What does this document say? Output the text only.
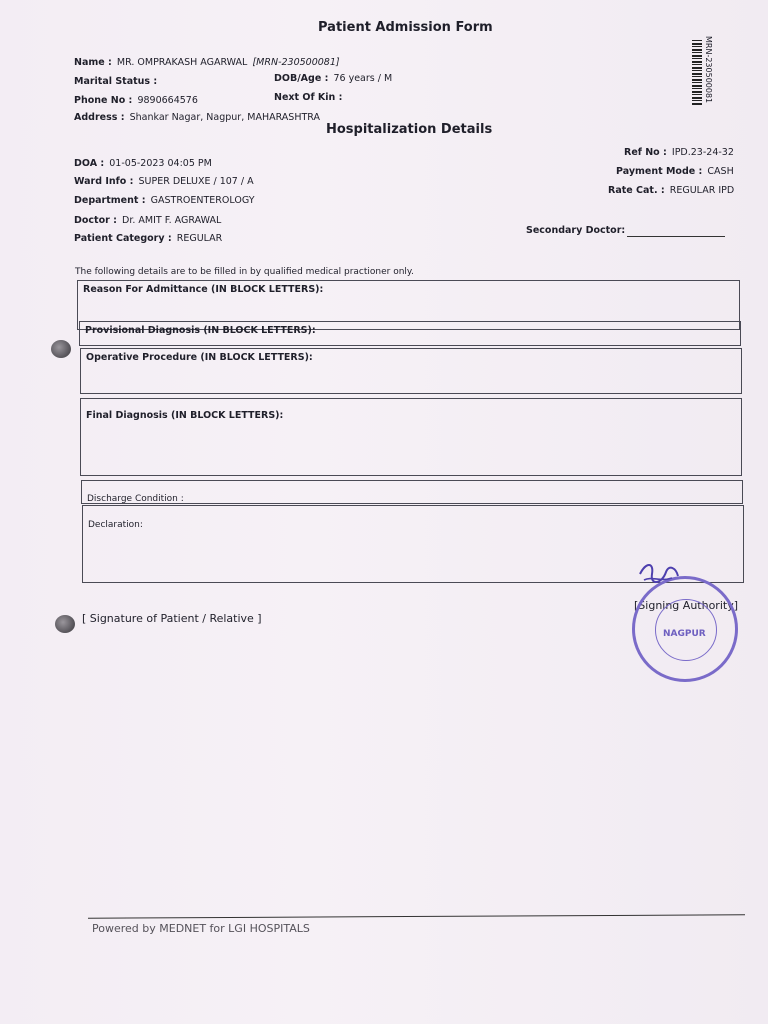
Patient Admission Form
MRN-230500081
Name : MR. OMPRAKASH AGARWAL [MRN-230500081]
Marital Status :	DOB/Age : 76 years / M
Phone No : 9890664576	Next Of Kin :
Address : Shankar Nagar, Nagpur, MAHARASHTRA
Hospitalization Details
DOA : 01-05-2023 04:05 PM
Ward Info : SUPER DELUXE / 107 / A
Department : GASTROENTEROLOGY
Doctor : Dr. AMIT F. AGRAWAL
Patient Category : REGULAR
Ref No : IPD.23-24-32
Payment Mode : CASH
Rate Cat. : REGULAR IPD
Secondary Doctor:
The following details are to be filled in by qualified medical practioner only.
Reason For Admittance (IN BLOCK LETTERS):
Provisional Diagnosis (IN BLOCK LETTERS):
Operative Procedure (IN BLOCK LETTERS):
Final Diagnosis (IN BLOCK LETTERS):
Discharge Condition :
Declaration:
[ Signature of Patient / Relative ]
[Signing Authority]
NAGPUR
Powered by MEDNET for LGI HOSPITALS
